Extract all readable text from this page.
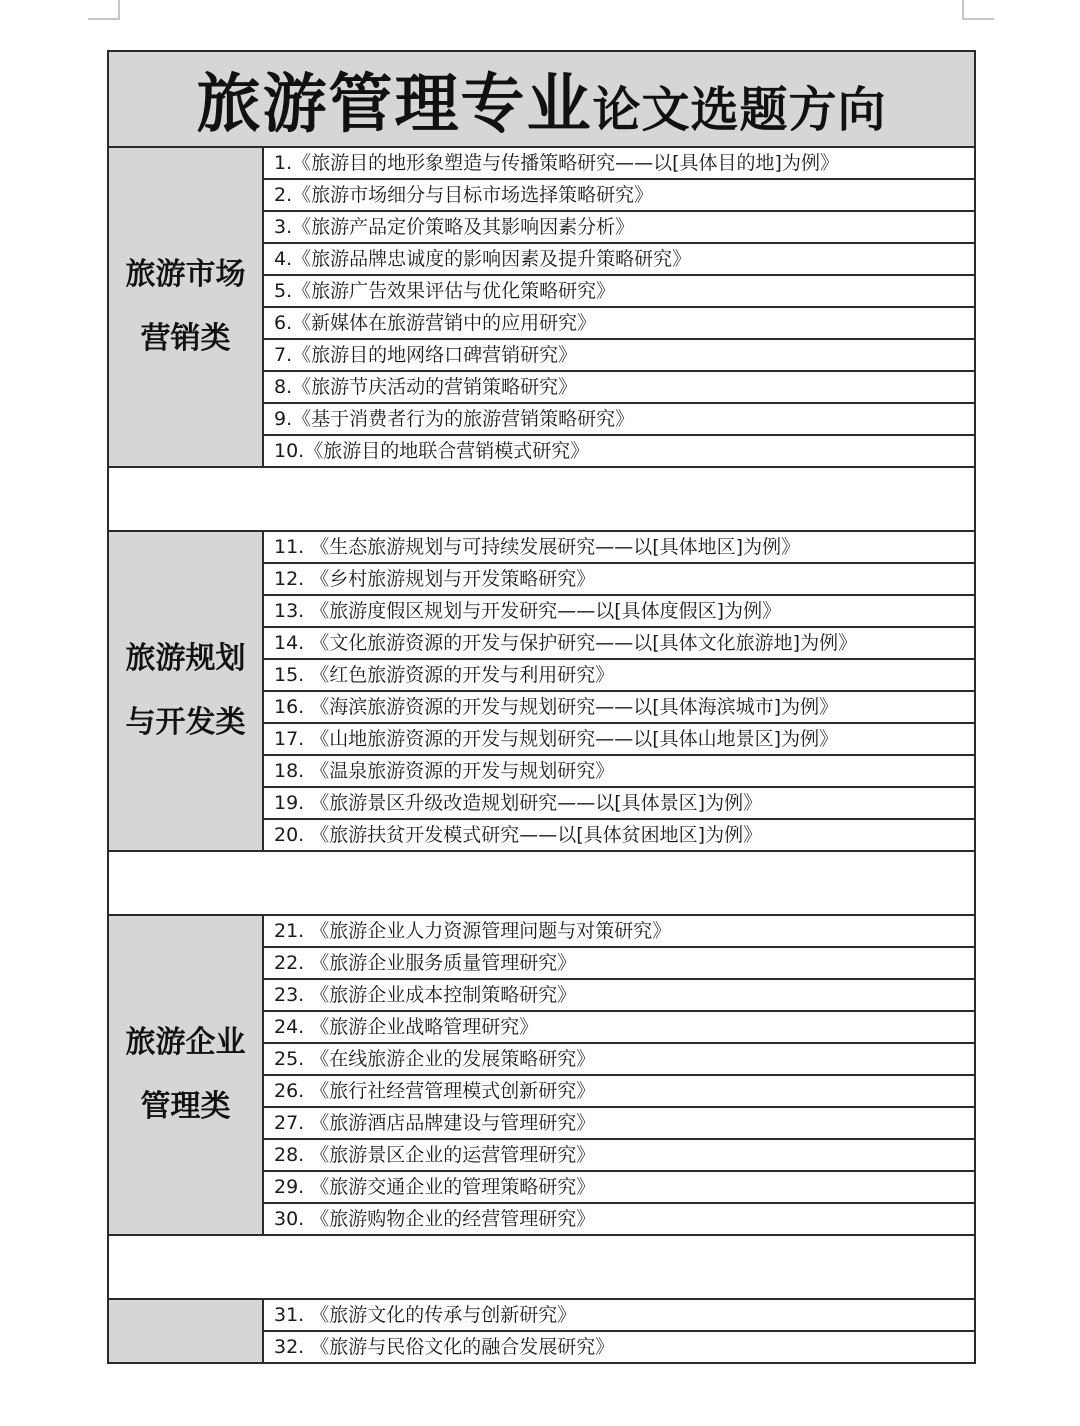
旅游管理专业论文选题方向	

旅游市场
营销类	1.《旅游目的地形象塑造与传播策略研究——以[具体目的地]为例》
	2.《旅游市场细分与目标市场选择策略研究》
	3.《旅游产品定价策略及其影响因素分析》
	4.《旅游品牌忠诚度的影响因素及提升策略研究》
	5.《旅游广告效果评估与优化策略研究》
	6.《新媒体在旅游营销中的应用研究》
	7.《旅游目的地网络口碑营销研究》
	8.《旅游节庆活动的营销策略研究》
	9.《基于消费者行为的旅游营销策略研究》
	10.《旅游目的地联合营销模式研究》

旅游规划
与开发类	11. 《生态旅游规划与可持续发展研究——以[具体地区]为例》
	12. 《乡村旅游规划与开发策略研究》
	13. 《旅游度假区规划与开发研究——以[具体度假区]为例》
	14. 《文化旅游资源的开发与保护研究——以[具体文化旅游地]为例》
	15. 《红色旅游资源的开发与利用研究》
	16. 《海滨旅游资源的开发与规划研究——以[具体海滨城市]为例》
	17. 《山地旅游资源的开发与规划研究——以[具体山地景区]为例》
	18. 《温泉旅游资源的开发与规划研究》
	19. 《旅游景区升级改造规划研究——以[具体景区]为例》
	20. 《旅游扶贫开发模式研究——以[具体贫困地区]为例》

旅游企业
管理类	21. 《旅游企业人力资源管理问题与对策研究》
	22. 《旅游企业服务质量管理研究》
	23. 《旅游企业成本控制策略研究》
	24. 《旅游企业战略管理研究》
	25. 《在线旅游企业的发展策略研究》
	26. 《旅行社经营管理模式创新研究》
	27. 《旅游酒店品牌建设与管理研究》
	28. 《旅游景区企业的运营管理研究》
	29. 《旅游交通企业的管理策略研究》
	30. 《旅游购物企业的经营管理研究》

	31. 《旅游文化的传承与创新研究》
	32. 《旅游与民俗文化的融合发展研究》
